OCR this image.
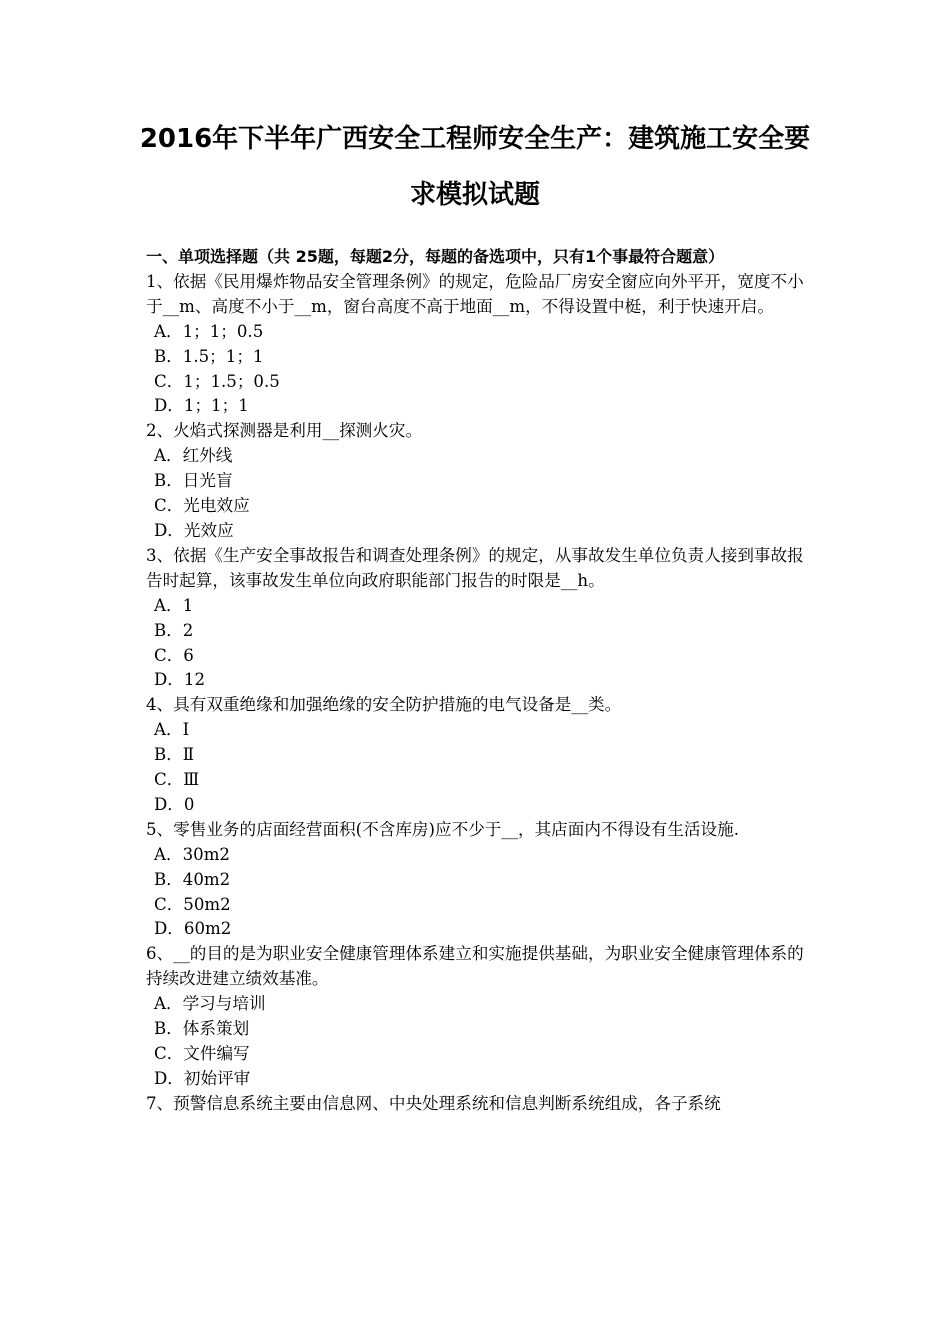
2016年下半年广西安全工程师安全生产：建筑施工安全要
求模拟试题
一、单项选择题（共 25题，每题2分，每题的备选项中，只有1个事最符合题意）
1、依据《民用爆炸物品安全管理条例》的规定，危险品厂房安全窗应向外平开，宽度不小于__m、高度不小于__m，窗台高度不高于地面__m，不得设置中梃，利于快速开启。
A．1；1；0.5
B．1.5；1；1
C．1；1.5；0.5
D．1；1；1
2、火焰式探测器是利用__探测火灾。
A．红外线
B．日光盲
C．光电效应
D．光效应
3、依据《生产安全事故报告和调查处理条例》的规定，从事故发生单位负责人接到事故报告时起算，该事故发生单位向政府职能部门报告的时限是__h。
A．1
B．2
C．6
D．12
4、具有双重绝缘和加强绝缘的安全防护措施的电气设备是__类。
A．Ⅰ
B．Ⅱ
C．Ⅲ
D．0
5、零售业务的店面经营面积(不含库房)应不少于__，其店面内不得设有生活设施.
A．30m2
B．40m2
C．50m2
D．60m2
6、__的目的是为职业安全健康管理体系建立和实施提供基础，为职业安全健康管理体系的持续改进建立绩效基准。
A．学习与培训
B．体系策划
C．文件编写
D．初始评审
7、预警信息系统主要由信息网、中央处理系统和信息判断系统组成，各子系统
